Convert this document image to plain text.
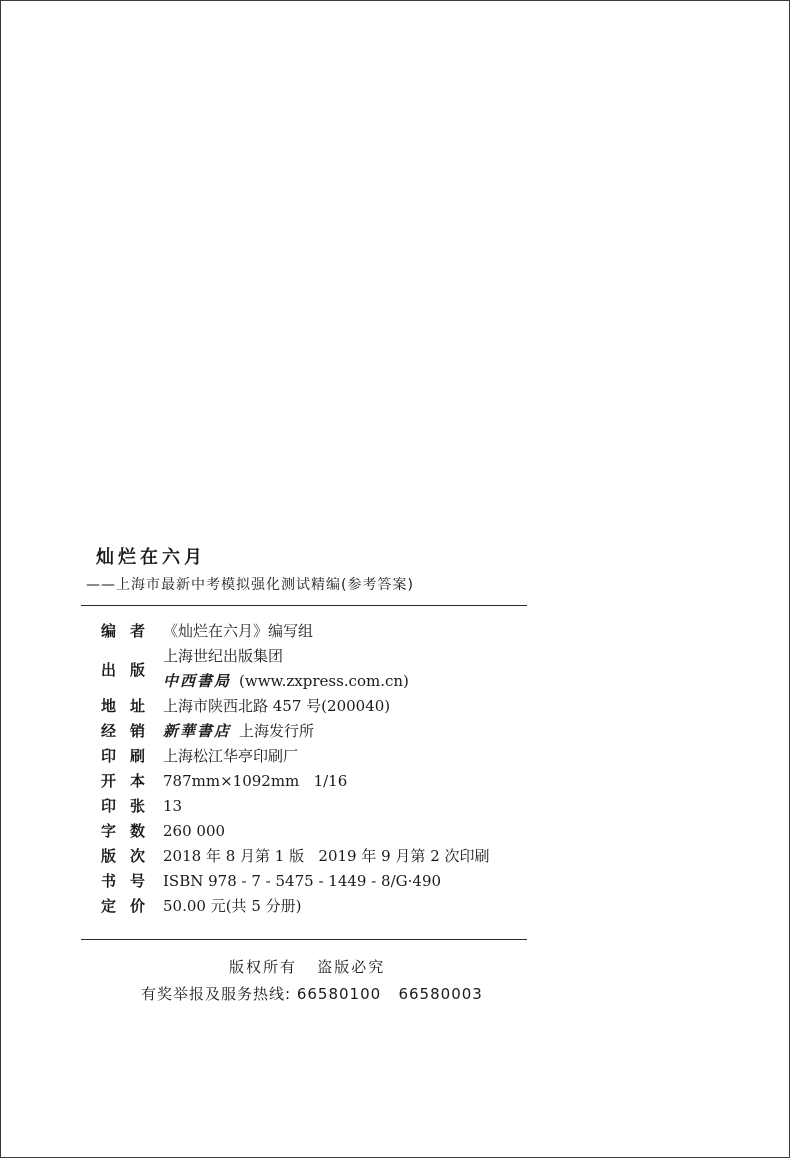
灿烂在六月
——上海市最新中考模拟强化测试精编(参考答案)
编者 《灿烂在六月》编写组
出版
上海世纪出版集团
中西書局 (www.zxpress.com.cn)
地址 上海市陕西北路 457 号(200040)
经销 新華書店 上海发行所
印刷 上海松江华亭印刷厂
开本 787mm×1092mm   1/16
印张 13
字数 260 000
版次 2018 年 8 月第 1 版   2019 年 9 月第 2 次印刷
书号 ISBN 978 - 7 - 5475 - 1449 - 8/G·490
定价 50.00 元(共 5 分册)
版权所有   盗版必究
有奖举报及服务热线: 66580100   66580003
